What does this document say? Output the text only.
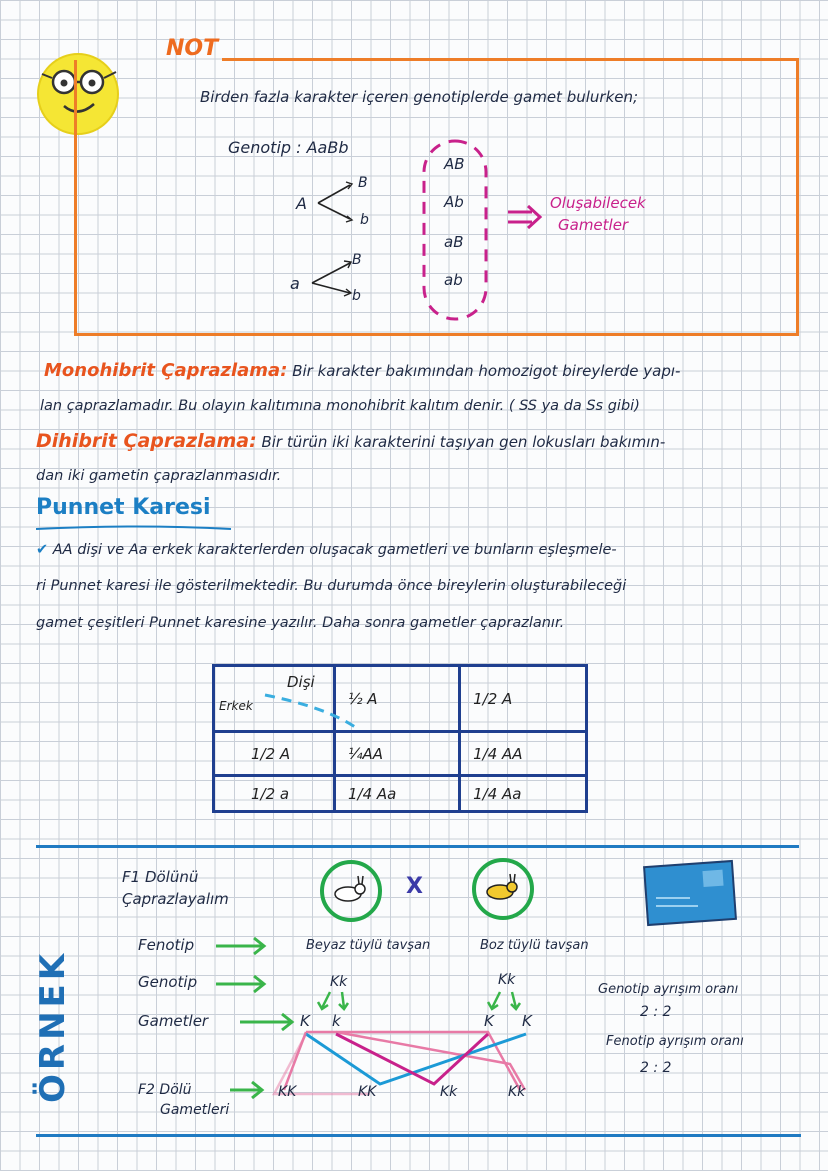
NOT
Birden fazla karakter içeren genotiplerde gamet bulurken;
Genotip : AaBb
A
B
b
a
B
b
AB
Ab
aB
ab
Oluşabilecek
Gametler
Monohibrit Çaprazlama: Bir karakter bakımından homozigot bireylerde yapı-
lan çaprazlamadır. Bu olayın kalıtımına monohibrit kalıtım denir. ( SS ya da Ss gibi)
Dihibrit Çaprazlama: Bir türün iki karakterini taşıyan gen lokusları bakımın-
dan iki gametin çaprazlanmasıdır.
Punnet Karesi
✔ AA dişi ve Aa erkek karakterlerden oluşacak gametleri ve bunların eşleşmele-
ri Punnet karesi ile gösterilmektedir. Bu durumda önce bireylerin oluşturabileceği
gamet çeşitleri Punnet karesine yazılır. Daha sonra gametler çaprazlanır.
Dişi
Erkek	½ A	1/2 A
1/2 A	¼AA	1/4 AA
1/2 a	1/4 Aa	1/4 Aa
ÖRNEK
F1 Dölünü
Çaprazlayalım	X
Fenotip
Genotip
Gametler
F2 Dölü
Gametleri
Beyaz tüylü tavşan	Boz tüylü tavşan
Kk	Kk
K k	K K
KK	KK	Kk	Kk
Genotip ayrışım oranı
2 : 2
Fenotip ayrışım oranı
2 : 2
